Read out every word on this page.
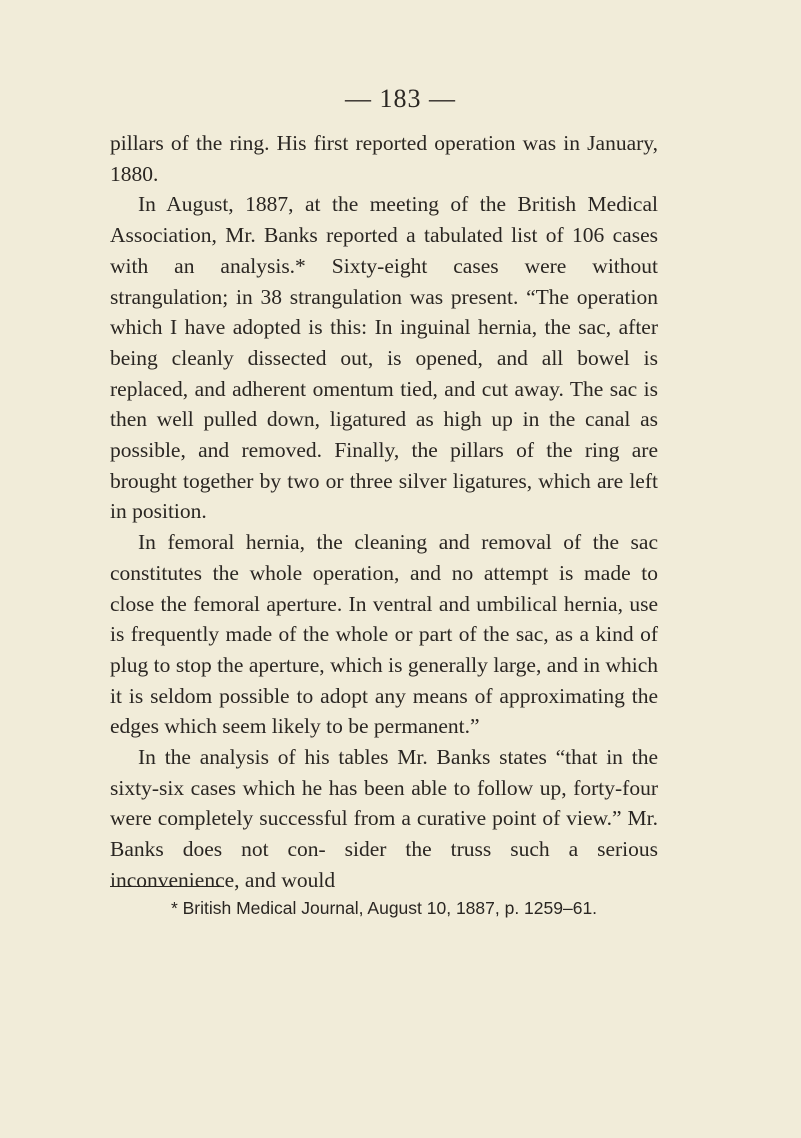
— 183 —

pillars of the ring. His first reported operation was in January, 1880.

In August, 1887, at the meeting of the British Medical Association, Mr. Banks reported a tabulated list of 106 cases with an analysis.* Sixty-eight cases were without strangulation; in 38 strangulation was present. “The operation which I have adopted is this: In inguinal hernia, the sac, after being cleanly dissected out, is opened, and all bowel is replaced, and adherent omentum tied, and cut away. The sac is then well pulled down, ligatured as high up in the canal as possible, and removed. Finally, the pillars of the ring are brought together by two or three silver ligatures, which are left in position.

In femoral hernia, the cleaning and removal of the sac constitutes the whole operation, and no attempt is made to close the femoral aperture. In ventral and umbilical hernia, use is frequently made of the whole or part of the sac, as a kind of plug to stop the aperture, which is generally large, and in which it is seldom possible to adopt any means of approximating the edges which seem likely to be permanent.”

In the analysis of his tables Mr. Banks states “that in the sixty-six cases which he has been able to follow up, forty-four were completely successful from a curative point of view.” Mr. Banks does not con- sider the truss such a serious inconvenience, and would

* British Medical Journal, August 10, 1887, p. 1259–61.
